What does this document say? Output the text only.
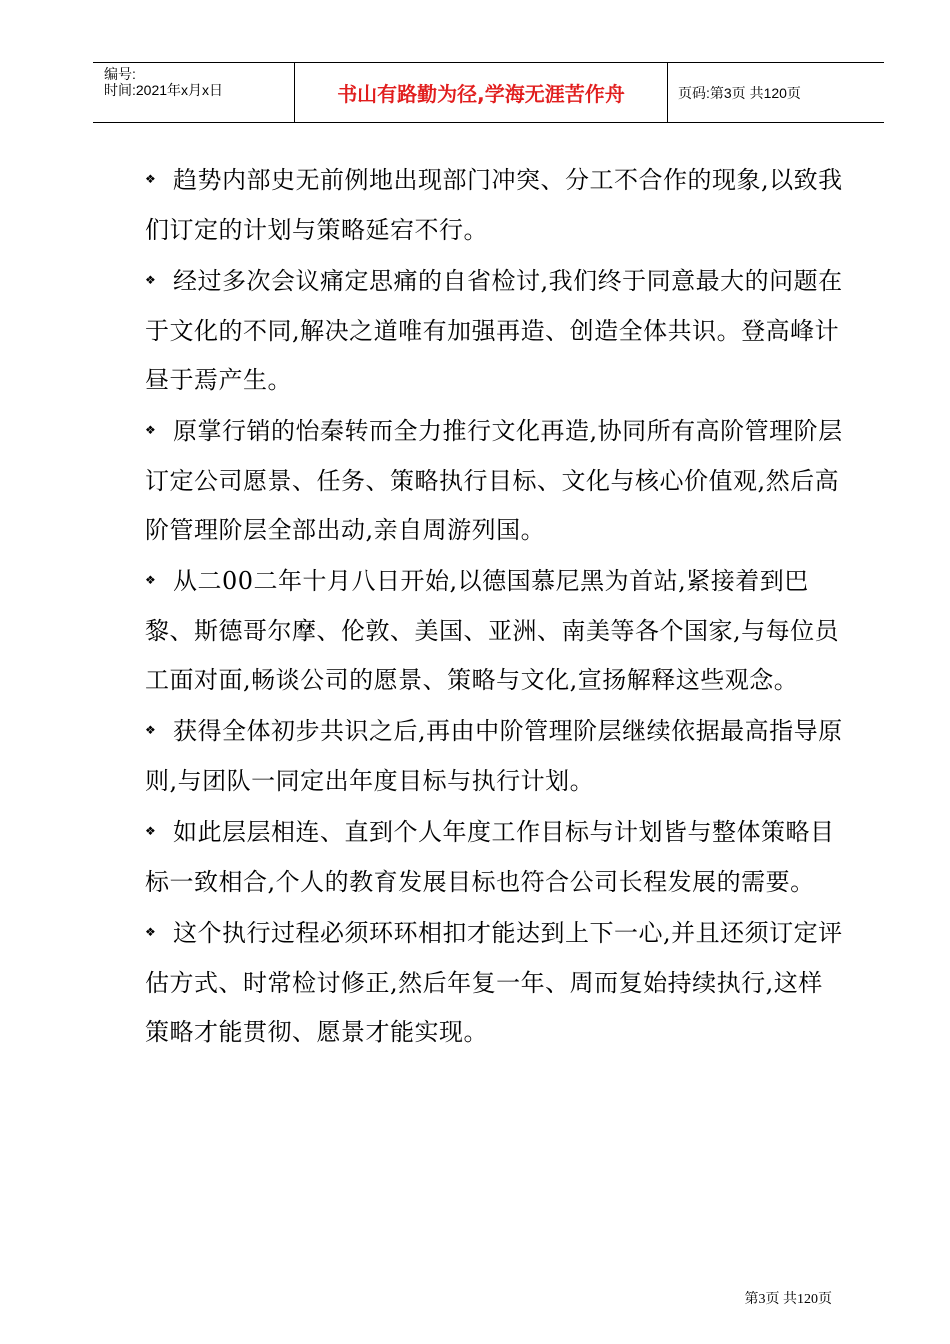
编号:
时间:2021年x月x日	书山有路勤为径,学海无涯苦作舟	页码:第3页 共120页

❖ 趋势内部史无前例地出现部门冲突、分工不合作的现象,以致我们订定的计划与策略延宕不行。

❖ 经过多次会议痛定思痛的自省检讨,我们终于同意最大的问题在于文化的不同,解决之道唯有加强再造、创造全体共识。登高峰计昼于焉产生。

❖ 原掌行销的怡秦转而全力推行文化再造,协同所有高阶管理阶层订定公司愿景、任务、策略执行目标、文化与核心价值观,然后高阶管理阶层全部出动,亲自周游列国。

❖ 从二00二年十月八日开始,以德国慕尼黑为首站,紧接着到巴黎、斯德哥尔摩、伦敦、美国、亚洲、南美等各个国家,与每位员工面对面,畅谈公司的愿景、策略与文化,宣扬解释这些观念。

❖ 获得全体初步共识之后,再由中阶管理阶层继续依据最高指导原则,与团队一同定出年度目标与执行计划。

❖ 如此层层相连、直到个人年度工作目标与计划皆与整体策略目标一致相合,个人的教育发展目标也符合公司长程发展的需要。

❖ 这个执行过程必须环环相扣才能达到上下一心,并且还须订定评估方式、时常检讨修正,然后年复一年、周而复始持续执行,这样策略才能贯彻、愿景才能实现。

第3页 共120页
